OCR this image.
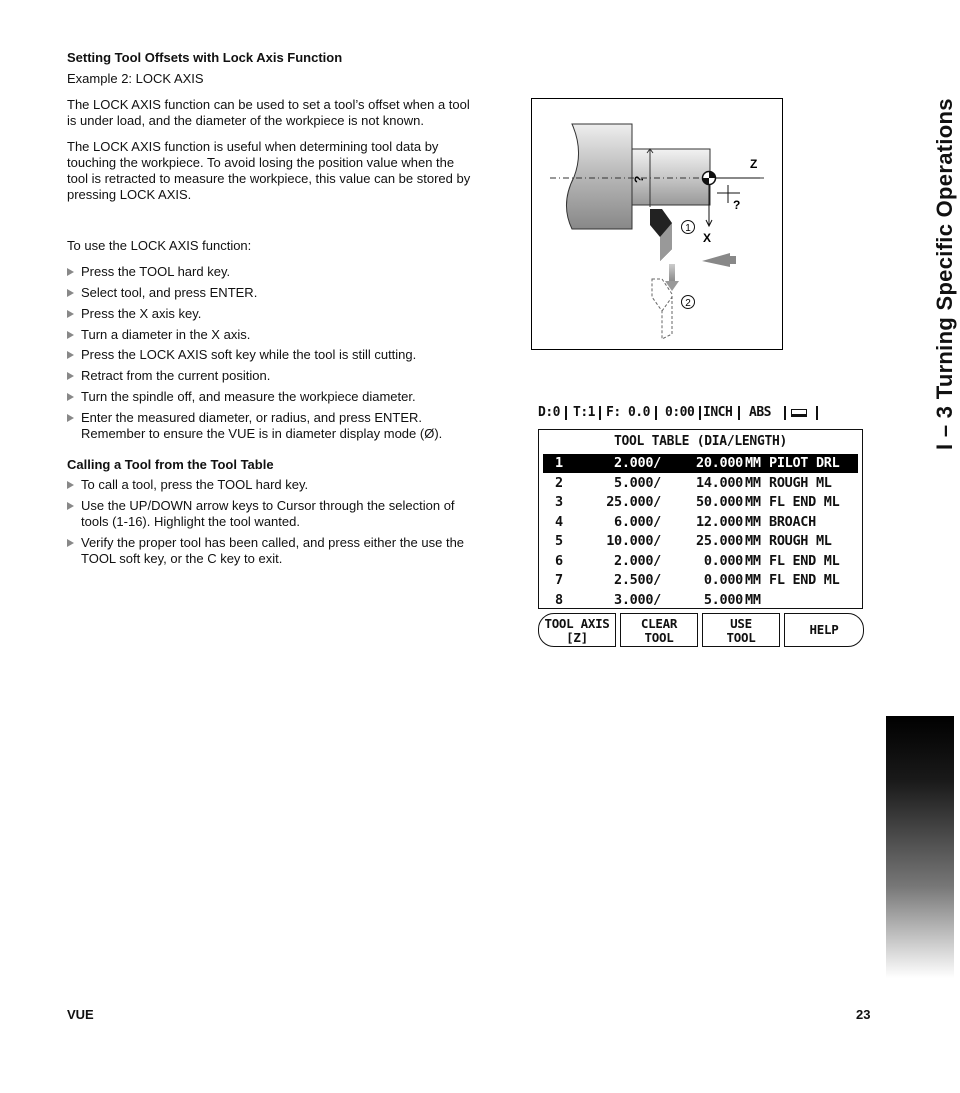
Setting Tool Offsets with Lock Axis Function
Example 2: LOCK AXIS
The LOCK AXIS function can be used to set a tool’s offset when a tool
is under load, and the diameter of the workpiece is not known.
The LOCK AXIS function is useful when determining tool data by
touching the workpiece. To avoid losing the position value when the
tool is retracted to measure the workpiece, this value can be stored by
pressing LOCK AXIS.
To use the LOCK AXIS function:
Press the TOOL hard key.
Select tool, and press ENTER.
Press the X axis key.
Turn a diameter in the X axis.
Press the LOCK AXIS soft key while the tool is still cutting.
Retract from the current position.
Turn the spindle off, and measure the workpiece diameter.
Enter the measured diameter, or radius, and press ENTER.
Remember to ensure the VUE is in diameter display mode (Ø).
Calling a Tool from the Tool Table
To call a tool, press the TOOL hard key.
Use the UP/DOWN arrow keys to Cursor through the selection of
tools (1-16). Highlight the tool wanted.
Verify the proper tool has been called, and press either the use the
TOOL soft key, or the C key to exit.
Z
X
?
?
1
2
D:0 T:1 F: 0.0 0:00 INCH ABS
TOOL TABLE (DIA/LENGTH)
1	2.000/	20.000 MM PILOT DRL
2	5.000/	14.000 MM ROUGH ML
3	25.000/	50.000 MM FL END ML
4	6.000/	12.000 MM BROACH
5	10.000/	25.000 MM ROUGH ML
6	2.000/	0.000 MM FL END ML
7	2.500/	0.000 MM FL END ML
8	3.000/	5.000 MM
TOOL AXIS
[Z]
CLEAR
TOOL
USE
TOOL
HELP
I – 3 Turning Specific Operations
VUE	23
